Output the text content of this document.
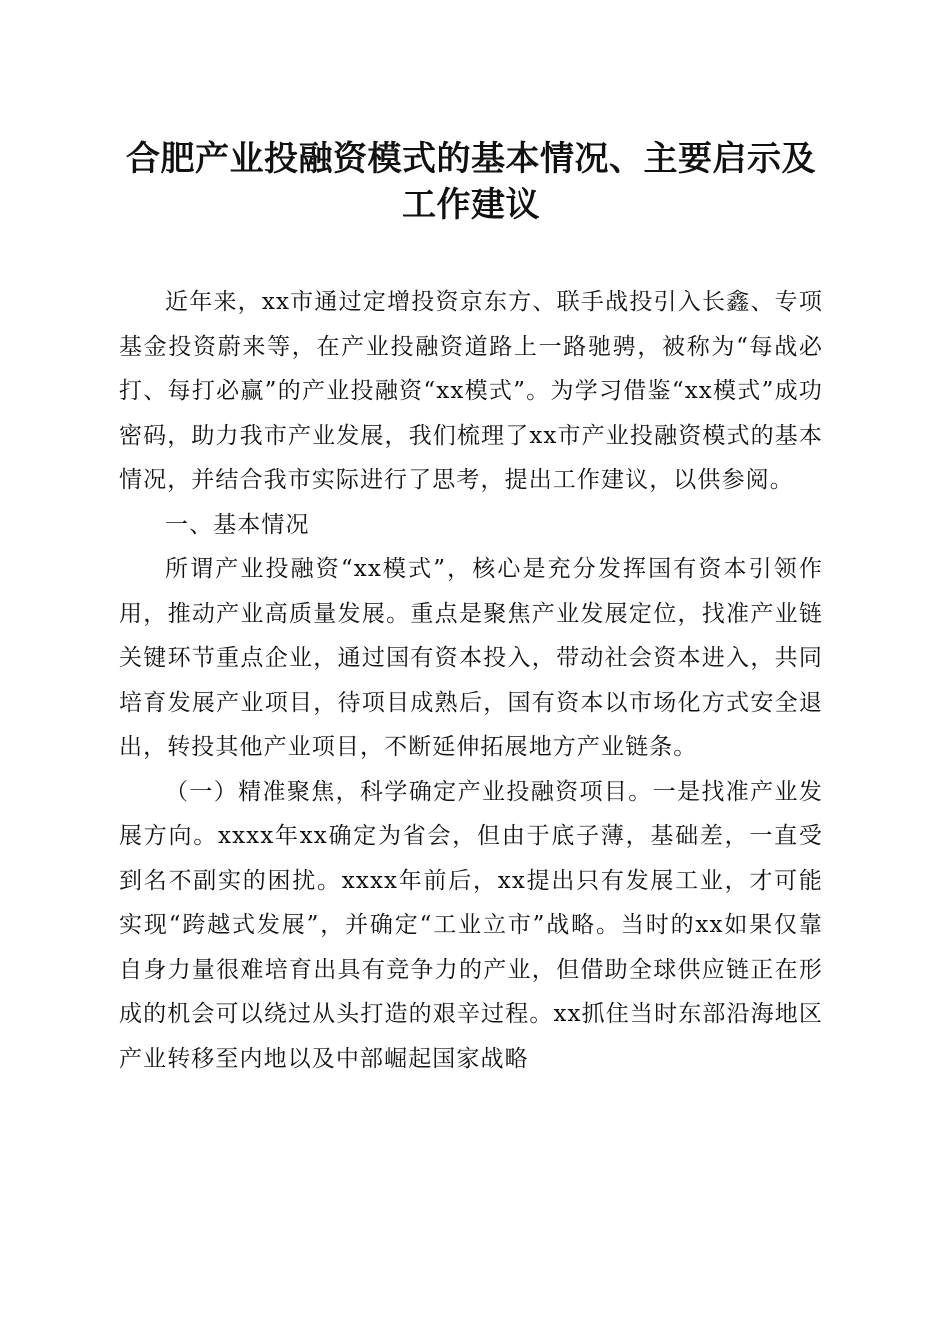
合肥产业投融资模式的基本情况、主要启示及
工作建议

近年来，xx市通过定增投资京东方、联手战投引入长鑫、专项基金投资蔚来等，在产业投融资道路上一路驰骋，被称为“每战必打、每打必赢”的产业投融资“xx模式”。为学习借鉴“xx模式”成功密码，助力我市产业发展，我们梳理了xx市产业投融资模式的基本情况，并结合我市实际进行了思考，提出工作建议，以供参阅。

一、基本情况

所谓产业投融资“xx模式”，核心是充分发挥国有资本引领作用，推动产业高质量发展。重点是聚焦产业发展定位，找准产业链关键环节重点企业，通过国有资本投入，带动社会资本进入，共同培育发展产业项目，待项目成熟后，国有资本以市场化方式安全退出，转投其他产业项目，不断延伸拓展地方产业链条。

（一）精准聚焦，科学确定产业投融资项目。一是找准产业发展方向。xxxx年xx确定为省会，但由于底子薄，基础差，一直受到名不副实的困扰。xxxx年前后，xx提出只有发展工业，才可能实现“跨越式发展”，并确定“工业立市”战略。当时的xx如果仅靠自身力量很难培育出具有竞争力的产业，但借助全球供应链正在形成的机会可以绕过从头打造的艰辛过程。xx抓住当时东部沿海地区产业转移至内地以及中部崛起国家战略
